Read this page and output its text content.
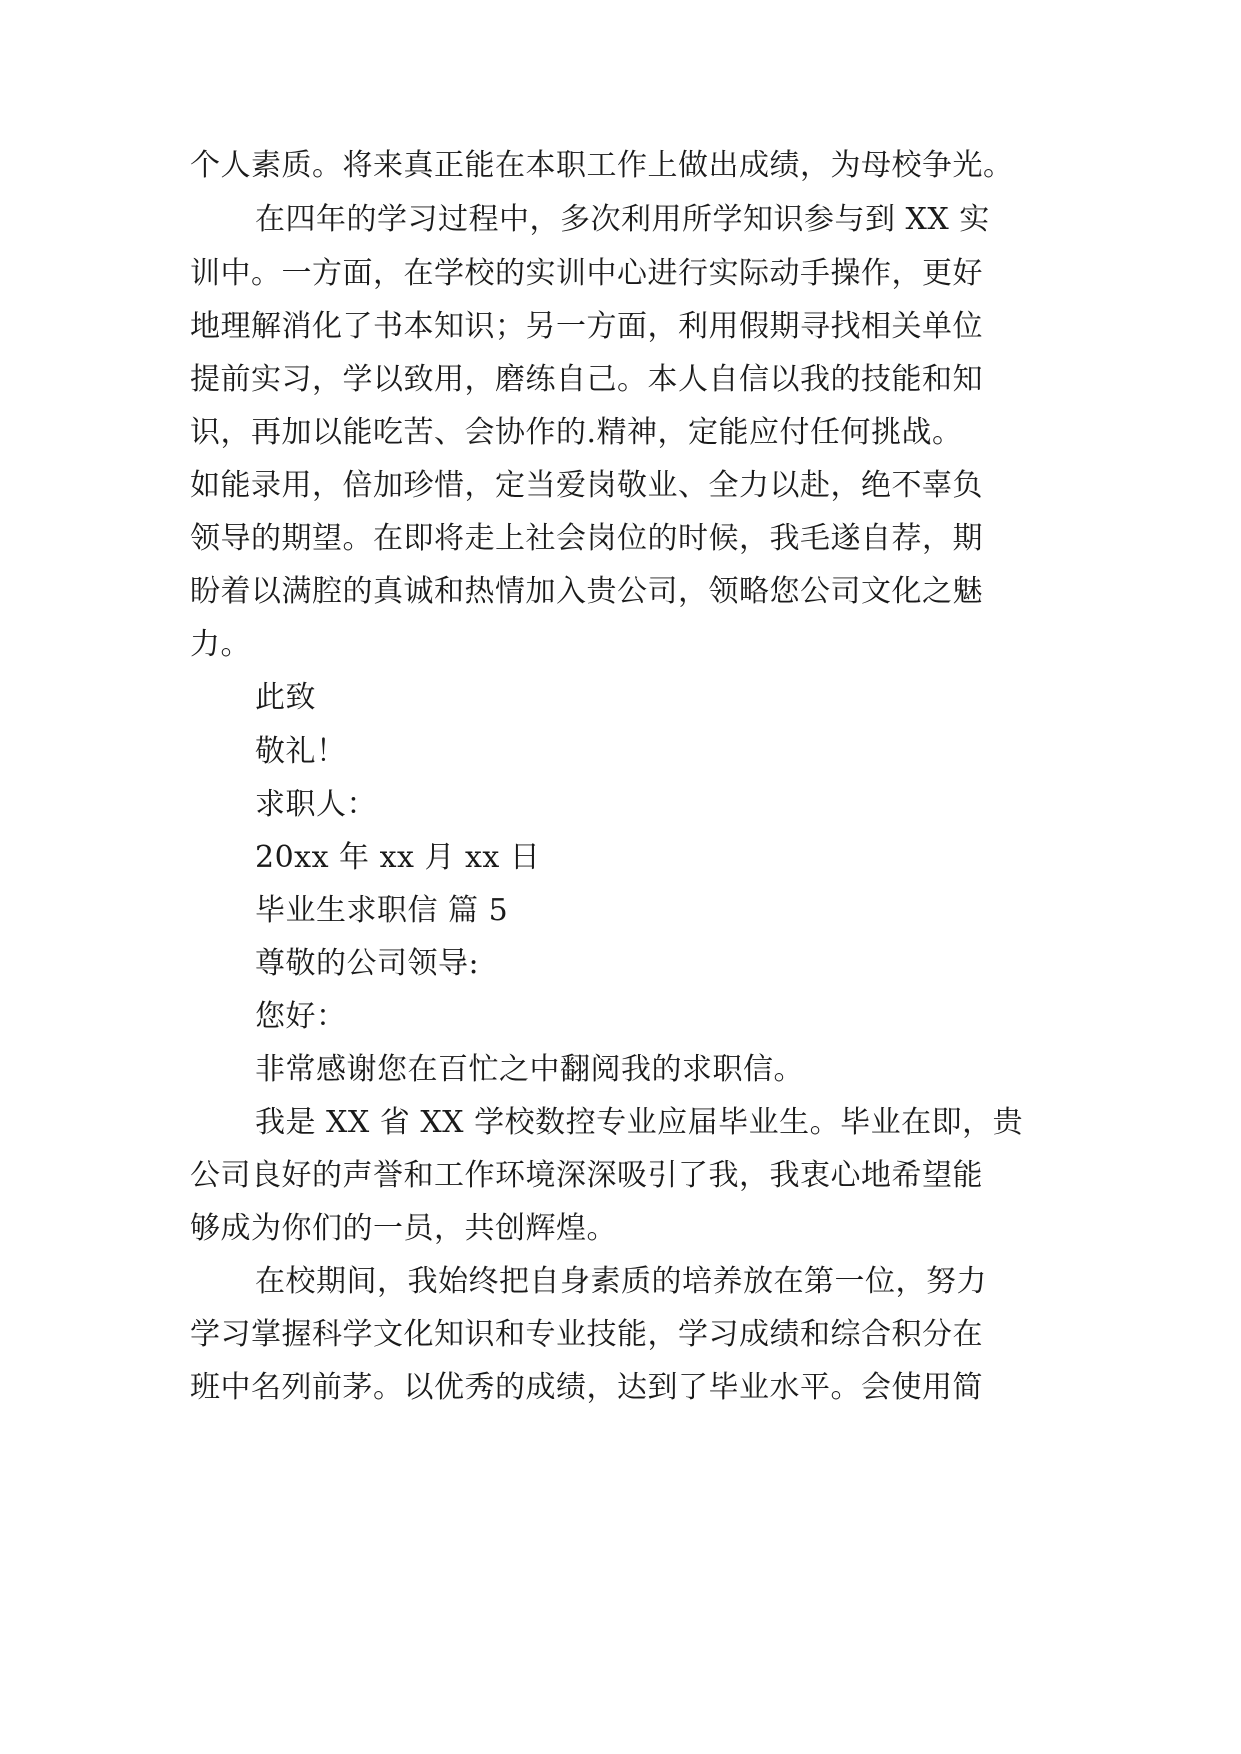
个人素质。将来真正能在本职工作上做出成绩，为母校争光。
在四年的学习过程中，多次利用所学知识参与到 XX 实
训中。一方面，在学校的实训中心进行实际动手操作，更好
地理解消化了书本知识；另一方面，利用假期寻找相关单位
提前实习，学以致用，磨练自己。本人自信以我的技能和知
识，再加以能吃苦、会协作的.精神，定能应付任何挑战。
如能录用，倍加珍惜，定当爱岗敬业、全力以赴，绝不辜负
领导的期望。在即将走上社会岗位的时候，我毛遂自荐，期
盼着以满腔的真诚和热情加入贵公司，领略您公司文化之魅
力。
此致
敬礼！
求职人：
20xx 年 xx 月 xx 日
毕业生求职信 篇 5
尊敬的公司领导:
您好：
非常感谢您在百忙之中翻阅我的求职信。
我是 XX 省 XX 学校数控专业应届毕业生。毕业在即，贵
公司良好的声誉和工作环境深深吸引了我，我衷心地希望能
够成为你们的一员，共创辉煌。
在校期间，我始终把自身素质的培养放在第一位，努力
学习掌握科学文化知识和专业技能，学习成绩和综合积分在
班中名列前茅。以优秀的成绩，达到了毕业水平。会使用简
